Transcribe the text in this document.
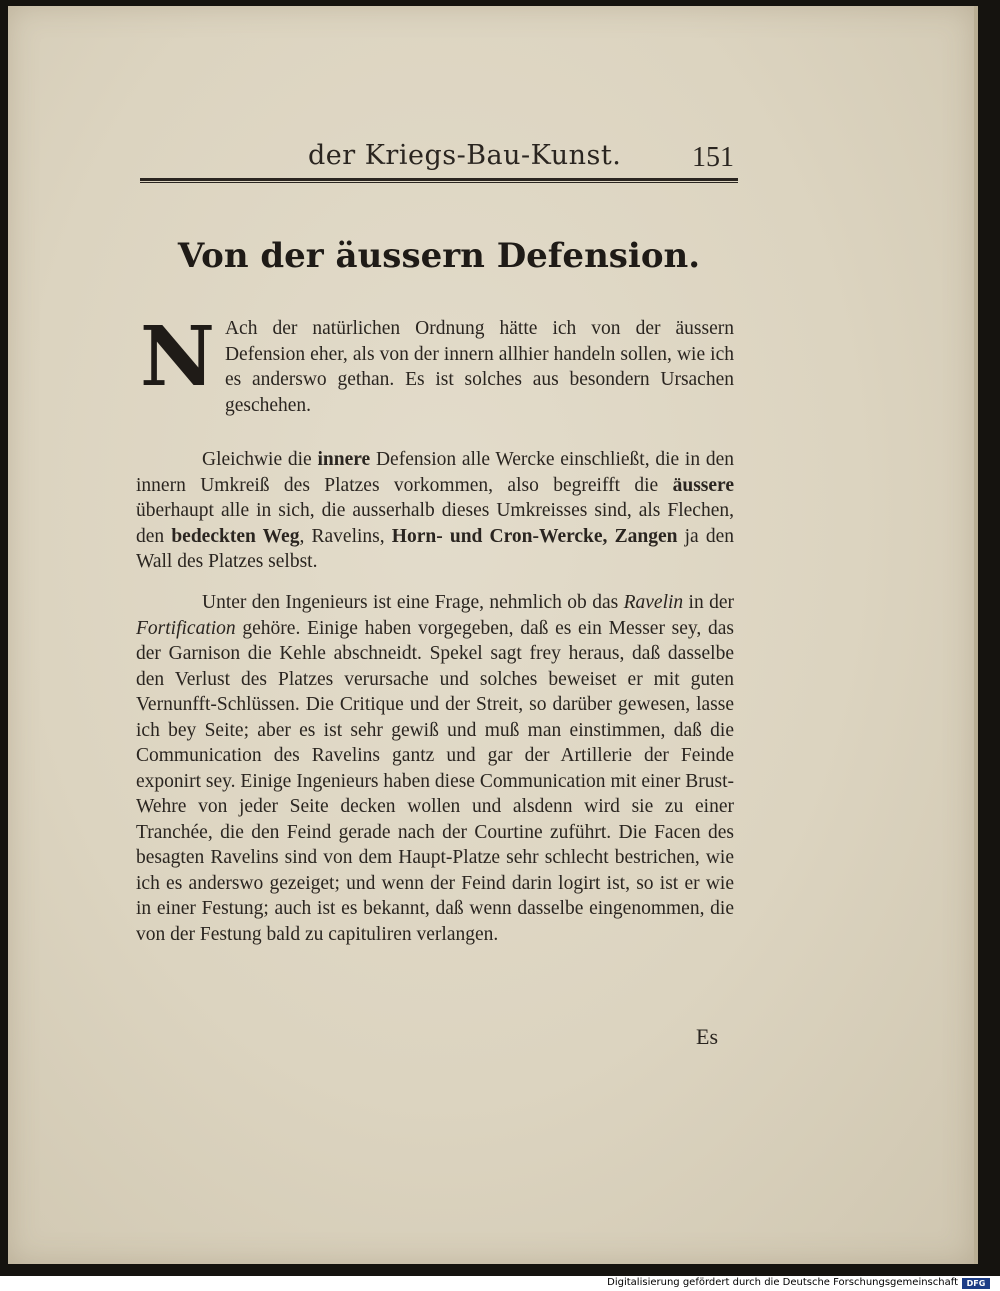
der Kriegs-Bau-Kunst.	151
Von der äussern Defension.
N Ach der natürlichen Ordnung hätte ich von der äussern Defension eher, als von der innern allhier handeln sollen, wie ich es anderswo gethan. Es ist solches aus besondern Ursachen geschehen.
Gleichwie die innere Defension alle Wercke einschließt, die in den innern Umkreiß des Platzes vorkommen, also begreifft die äussere überhaupt alle in sich, die ausserhalb dieses Umkreisses sind, als Flechen, den bedeckten Weg, Ravelins, Horn- und Cron-Wercke, Zangen ja den Wall des Platzes selbst.
Unter den Ingenieurs ist eine Frage, nehmlich ob das Ravelin in der Fortification gehöre. Einige haben vorgegeben, daß es ein Messer sey, das der Garnison die Kehle abschneidt. Spekel sagt frey heraus, daß dasselbe den Verlust des Platzes verursache und solches beweiset er mit guten Vernunfft-Schlüssen. Die Critique und der Streit, so darüber gewesen, lasse ich bey Seite; aber es ist sehr gewiß und muß man einstimmen, daß die Communication des Ravelins gantz und gar der Artillerie der Feinde exponirt sey. Einige Ingenieurs haben diese Communication mit einer Brust-Wehre von jeder Seite decken wollen und alsdenn wird sie zu einer Tranchée, die den Feind gerade nach der Courtine zuführt. Die Facen des besagten Ravelins sind von dem Haupt-Platze sehr schlecht bestrichen, wie ich es anderswo gezeiget; und wenn der Feind darin logirt ist, so ist er wie in einer Festung; auch ist es bekannt, daß wenn dasselbe eingenommen, die von der Festung bald zu capituliren verlangen.
Es
Digitalisierung gefördert durch die Deutsche Forschungsgemeinschaft	DFG
